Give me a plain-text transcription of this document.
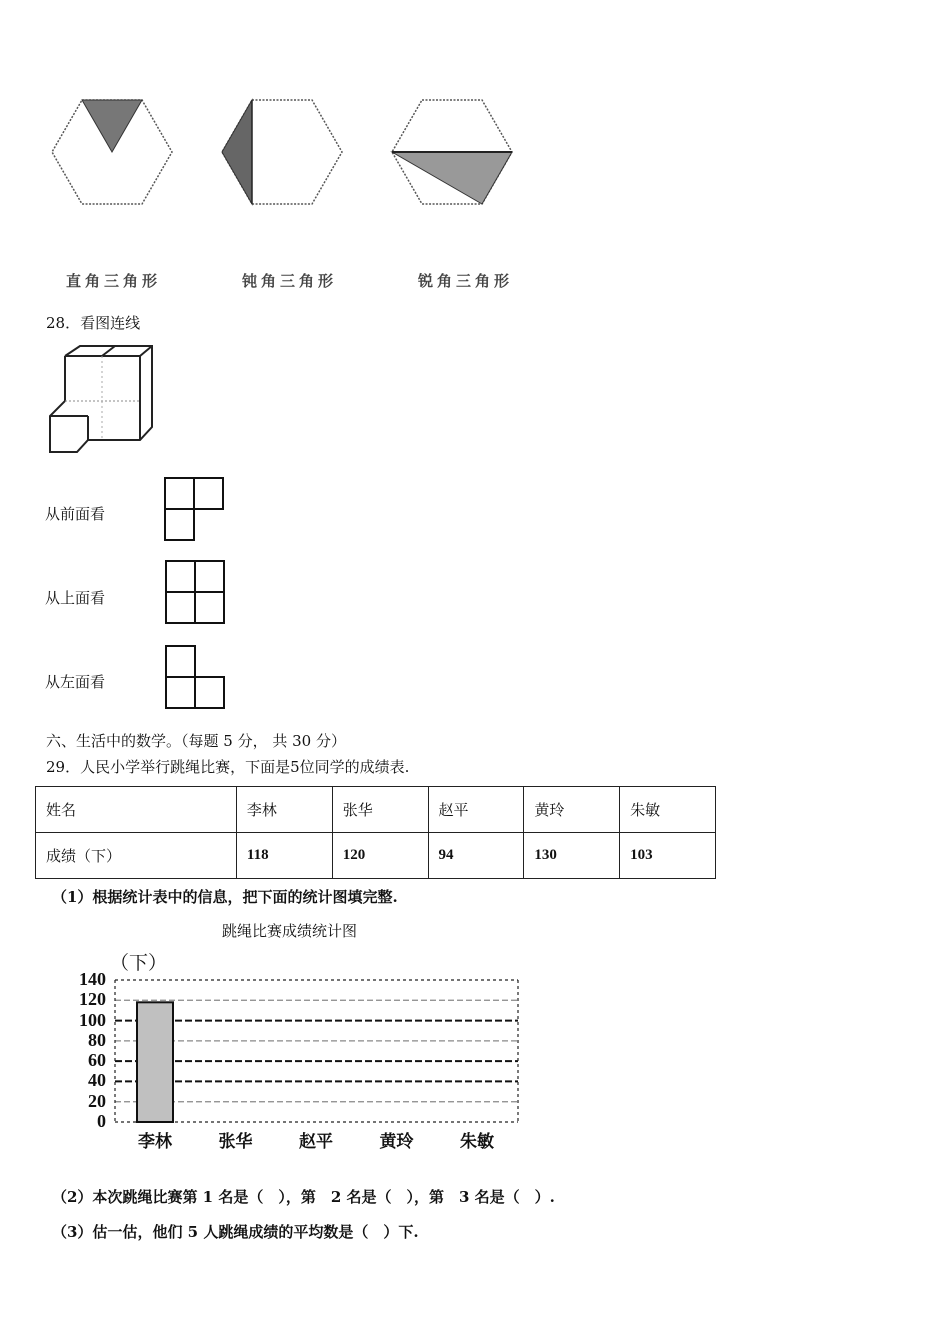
直角三角形	钝角三角形	锐角三角形
28．看图连线
从前面看
从上面看
从左面看
六、生活中的数学。（每题 5 分， 共 30 分）
29．人民小学举行跳绳比赛，下面是5位同学的成绩表.
姓名	李林	张华	赵平	黄玲	朱敏
成绩（下）	118	120	94	130	103
（1）根据统计表中的信息，把下面的统计图填完整.
跳绳比赛成绩统计图
（下）
0
20
40
60
80
100
120
140
李林	张华	赵平	黄玲	朱敏
（2）本次跳绳比赛第 1 名是（　），第　2 名是（　），第　3 名是（　）.
（3）估一估，他们 5 人跳绳成绩的平均数是（　）下.
